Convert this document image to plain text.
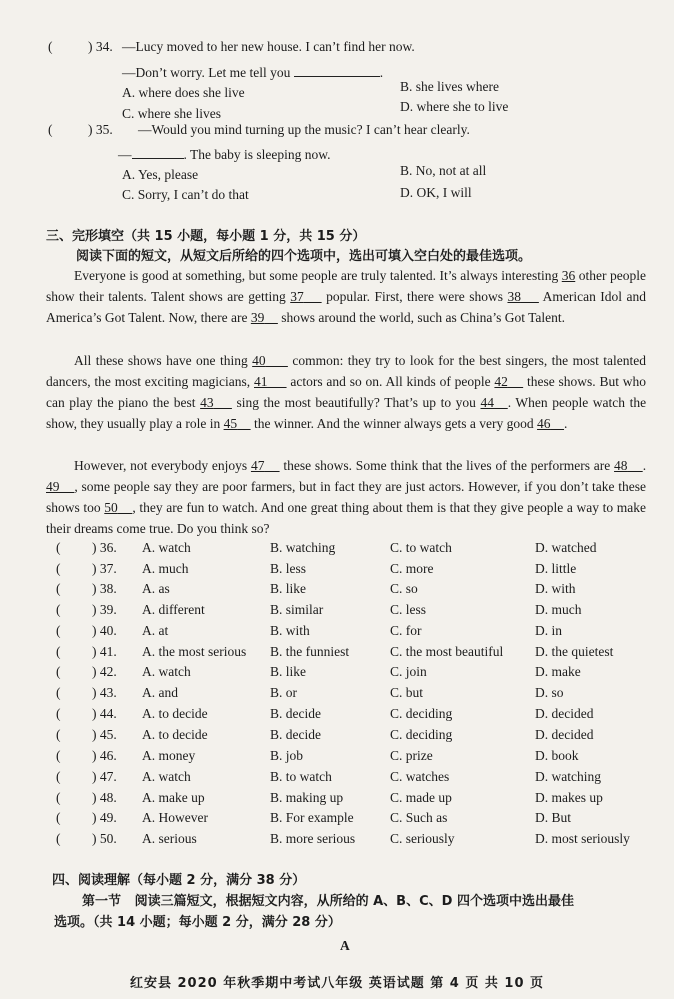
(	) 34. —Lucy moved to her new house. I can’t find her now.
—Don’t worry. Let me tell you	.
A. where does she live	B. she lives where
C. where she lives	D. where she to live
(	) 35. —Would you mind turning up the music? I can’t hear clearly.
—	. The baby is sleeping now.
A. Yes, please	B. No, not at all
C. Sorry, I can’t do that	D. OK, I will
三、完形填空（共 15 小题，每小题 1 分，共 15 分）
阅读下面的短文，从短文后所给的四个选项中，选出可填入空白处的最佳选项。
Everyone is good at something, but some people are truly talented. It’s always interesting 36 other people show their talents. Talent shows are getting 37 popular. First, there were shows 38 American Idol and America’s Got Talent. Now, there are 39 shows around the world, such as China’s Got Talent.
All these shows have one thing 40 common: they try to look for the best singers, the most talented dancers, the most exciting magicians, 41 actors and so on. All kinds of people 42 these shows. But who can play the piano the best 43 sing the most beautifully? That’s up to you 44 . When people watch the show, they usually play a role in 45 the winner. And the winner always gets a very good 46 .
However, not everybody enjoys 47 these shows. Some think that the lives of the performers are 48 . 49 , some people say they are poor farmers, but in fact they are just actors. However, if you don’t take these shows too 50 , they are fun to watch. And one great thing about them is that they give people a way to make their dreams come true. Do you think so?
( ) 36. A. watch	B. watching	C. to watch	D. watched
( ) 37. A. much	B. less	C. more	D. little
( ) 38. A. as	B. like	C. so	D. with
( ) 39. A. different	B. similar	C. less	D. much
( ) 40. A. at	B. with	C. for	D. in
( ) 41. A. the most serious B. the funniest	C. the most beautiful D. the quietest
( ) 42. A. watch	B. like	C. join	D. make
( ) 43. A. and	B. or	C. but	D. so
( ) 44. A. to decide	B. decide	C. deciding	D. decided
( ) 45. A. to decide	B. decide	C. deciding	D. decided
( ) 46. A. money	B. job	C. prize	D. book
( ) 47. A. watch	B. to watch	C. watches	D. watching
( ) 48. A. make up	B. making up	C. made up	D. makes up
( ) 49. A. However	B. For example	C. Such as	D. But
( ) 50. A. serious	B. more serious	C. seriously	D. most seriously
四、阅读理解（每小题 2 分，满分 38 分）
第一节 阅读三篇短文，根据短文内容，从所给的 A、B、C、D 四个选项中选出最佳
选项。（共 14 小题；每小题 2 分，满分 28 分）
A
红安县 2020 年秋季期中考试八年级 英语试题 第 4 页 共 10 页
